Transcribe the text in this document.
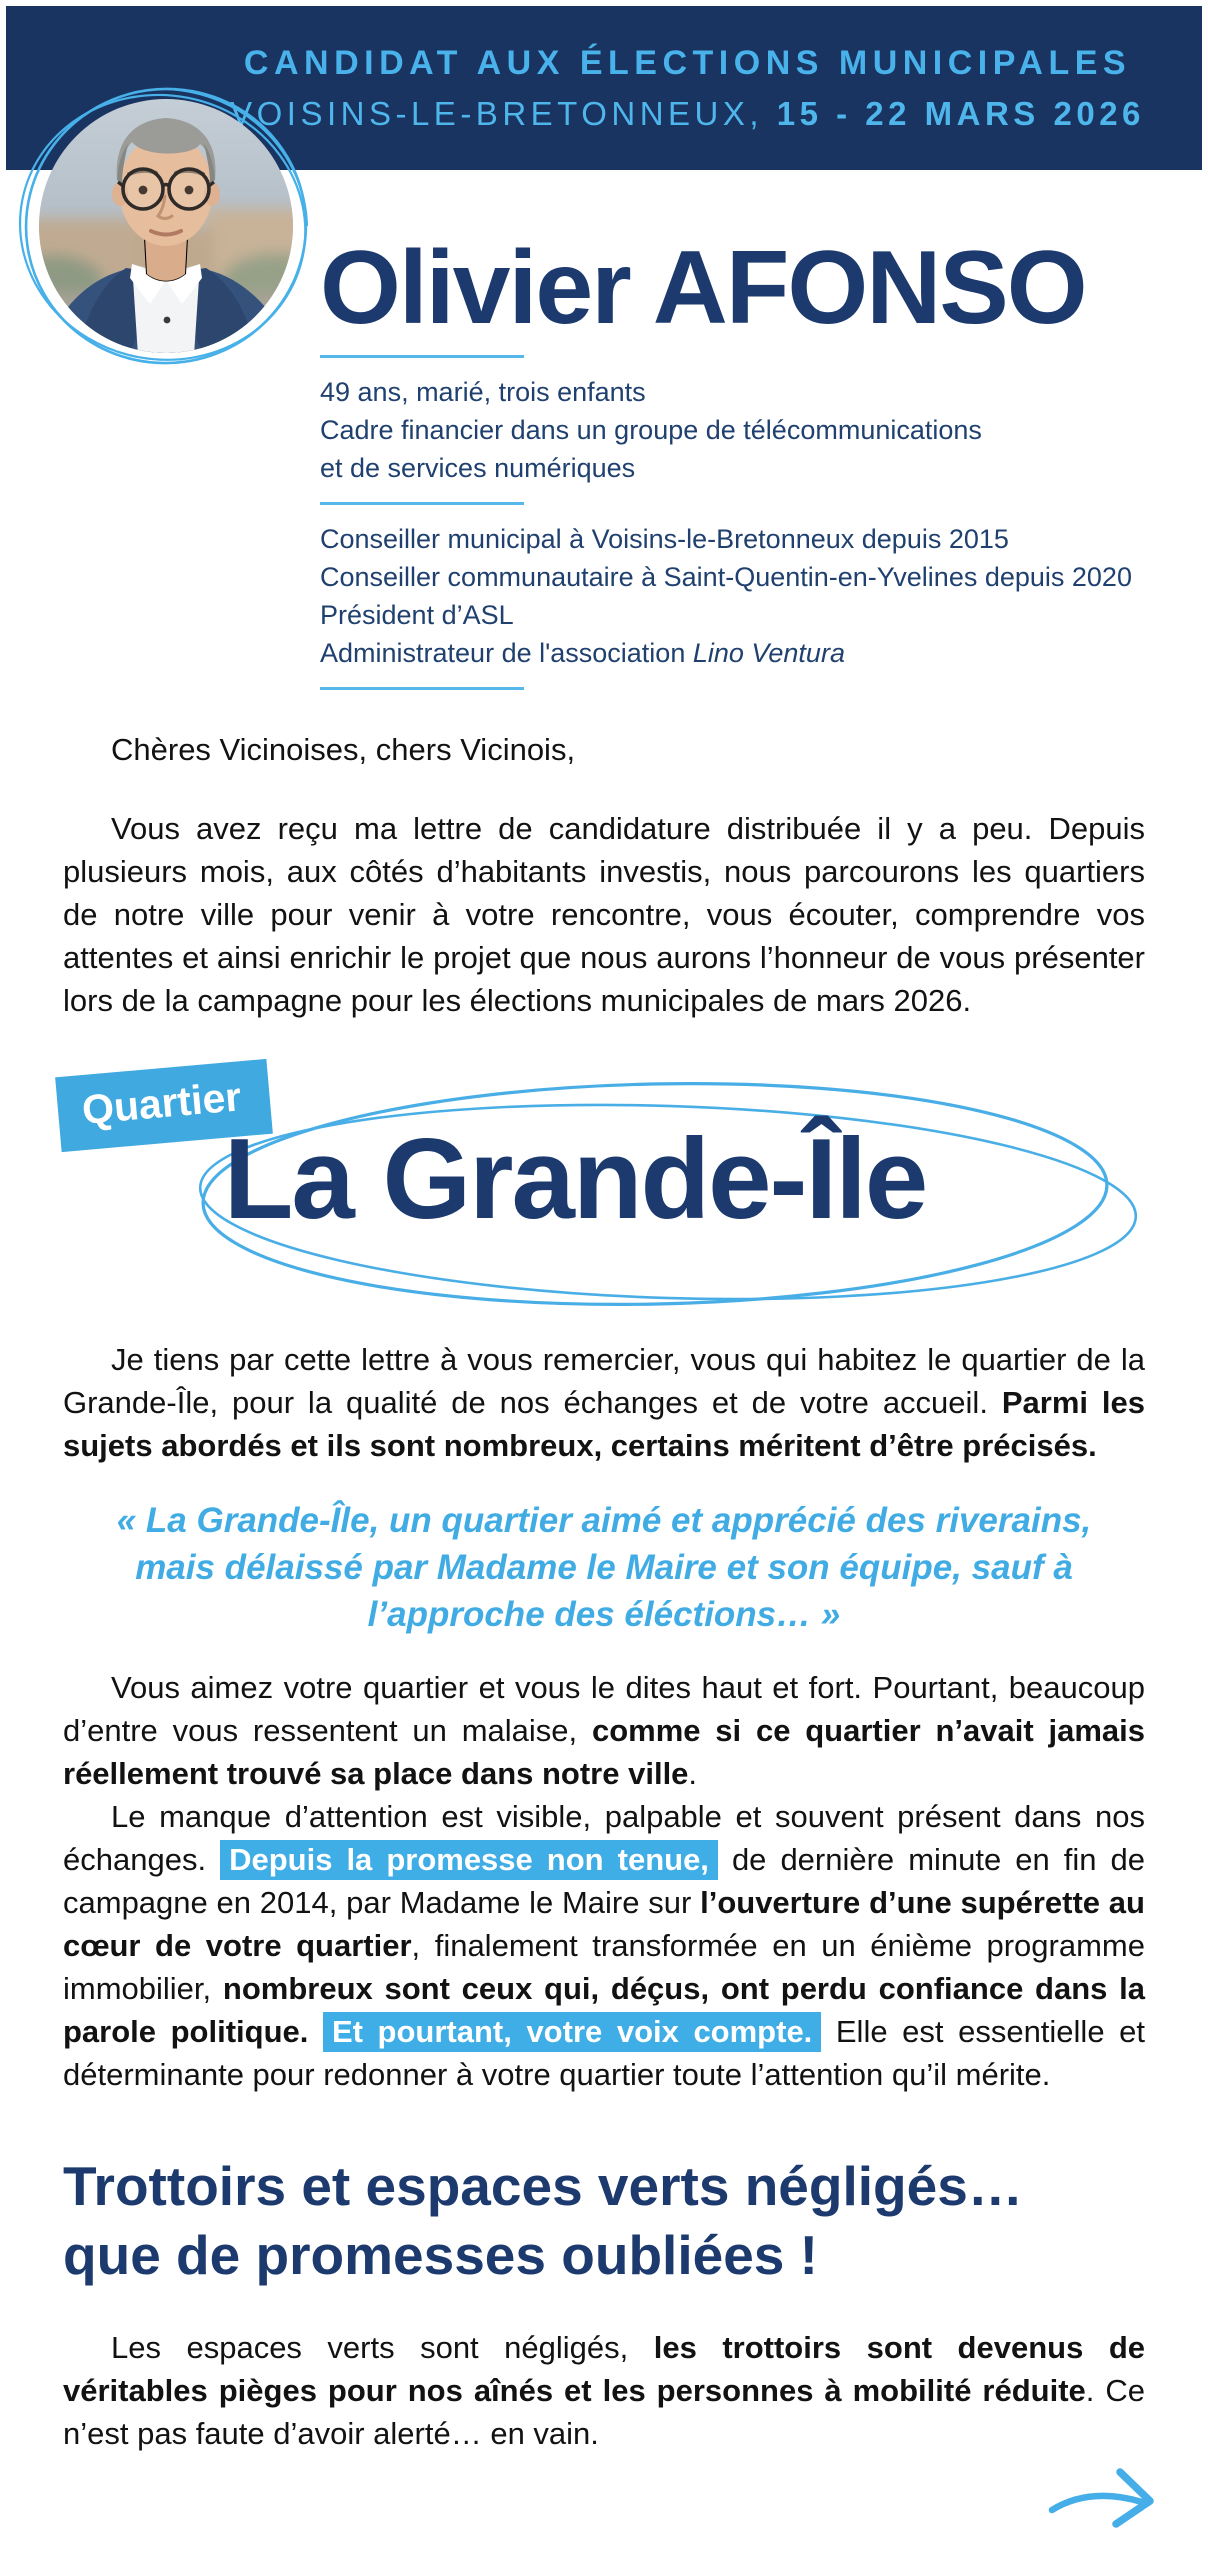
CANDIDAT AUX ÉLECTIONS MUNICIPALES
VOISINS-LE-BRETONNEUX, 15 - 22 MARS 2026
Olivier AFONSO
49 ans, marié, trois enfants
Cadre financier dans un groupe de télécommunications
et de services numériques
Conseiller municipal à Voisins-le-Bretonneux depuis 2015
Conseiller communautaire à Saint-Quentin-en-Yvelines depuis 2020
Président d’ASL
Administrateur de l'association Lino Ventura
Chères Vicinoises, chers Vicinois,

Vous avez reçu ma lettre de candidature distribuée il y a peu. Depuis plusieurs mois, aux côtés d’habitants investis, nous parcourons les quartiers de notre ville pour venir à votre rencontre, vous écouter, comprendre vos attentes et ainsi enrichir le projet que nous aurons l’honneur de vous présenter lors de la campagne pour les élections municipales de mars 2026.

Quartier
La Grande-Île

Je tiens par cette lettre à vous remercier, vous qui habitez le quartier de la Grande-Île, pour la qualité de nos échanges et de votre accueil. Parmi les sujets abordés et ils sont nombreux, certains méritent d’être précisés.

« La Grande-Île, un quartier aimé et apprécié des riverains,
mais délaissé par Madame le Maire et son équipe, sauf à
l’approche des éléctions… »

Vous aimez votre quartier et vous le dites haut et fort. Pourtant, beaucoup d’entre vous ressentent un malaise, comme si ce quartier n’avait jamais réellement trouvé sa place dans notre ville.

Le manque d’attention est visible, palpable et souvent présent dans nos échanges. Depuis la promesse non tenue, de dernière minute en fin de campagne en 2014, par Madame le Maire sur l’ouverture d’une supérette au cœur de votre quartier, finalement transformée en un énième programme immobilier, nombreux sont ceux qui, déçus, ont perdu confiance dans la parole politique. Et pourtant, votre voix compte. Elle est essentielle et déterminante pour redonner à votre quartier toute l’attention qu’il mérite.

Trottoirs et espaces verts négligés…
que de promesses oubliées !

Les espaces verts sont négligés, les trottoirs sont devenus de véritables pièges pour nos aînés et les personnes à mobilité réduite. Ce n’est pas faute d’avoir alerté… en vain.
